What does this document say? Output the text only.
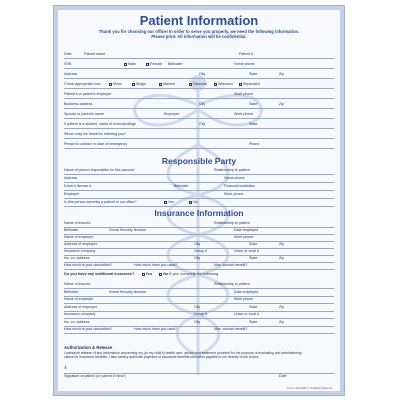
Patient Information
Thank you for choosing our office! In order to serve you properly, we need the following information.
Please print. All information will be confidential.
Date	Patient name	Patient #
SSN	Male	Female Birthdate	Home phone
Address	City	State	Zip
Check appropriate box:	Minor	Single	Married	Divorced	Widowed	Separated
Patient's or parent's employer	Work phone
Business address	City	State	Zip
Spouse or parent's name	Employer	Work phone
If patient is a student, name of school/college	City	State
Whom may we thank for referring you?
Person to contact in case of emergency	Phone
Responsible Party
Name of person responsible for this account	Relationship to patient
Address	Home phone
Driver's license #	Birthdate	Financial institution
Employer	Work phone
Is this person currently a patient in our office?	Yes	No
Insurance Information
Name of insured	Relationship to patient
Birthdate	Social Security Number	Date employed
Name of employer	Work phone
Address of employer	City	State	Zip
Insurance company	Group #	Union or local #
Ins. co. address	City	State	Zip
How much is your deductible?	How much have you used?	Max. annual benefit?
Do you have any additional insurance?	Yes	No If yes, complete the following
Name of insured	Relationship to patient
Birthdate	Social Security Number	Date employed
Name of employer	Work phone
Address of employer	City	State	Zip
Insurance company	Group #	Union or local #
Ins. co. address	City	State	Zip
How much is your deductible?	How much have you used?	Max. annual benefit?
Authorization & Release
I authorize release of any information concerning my (or my child's) health care, advice and treatment provided for the purpose of evaluating and administering
claims for insurance benefits. I also hereby authorize payment of insurance benefits otherwise payable to me directly to the doctor.
X
Signature of patient (or parent if minor)	Date
Form 11-0105 © Colwell Systems
